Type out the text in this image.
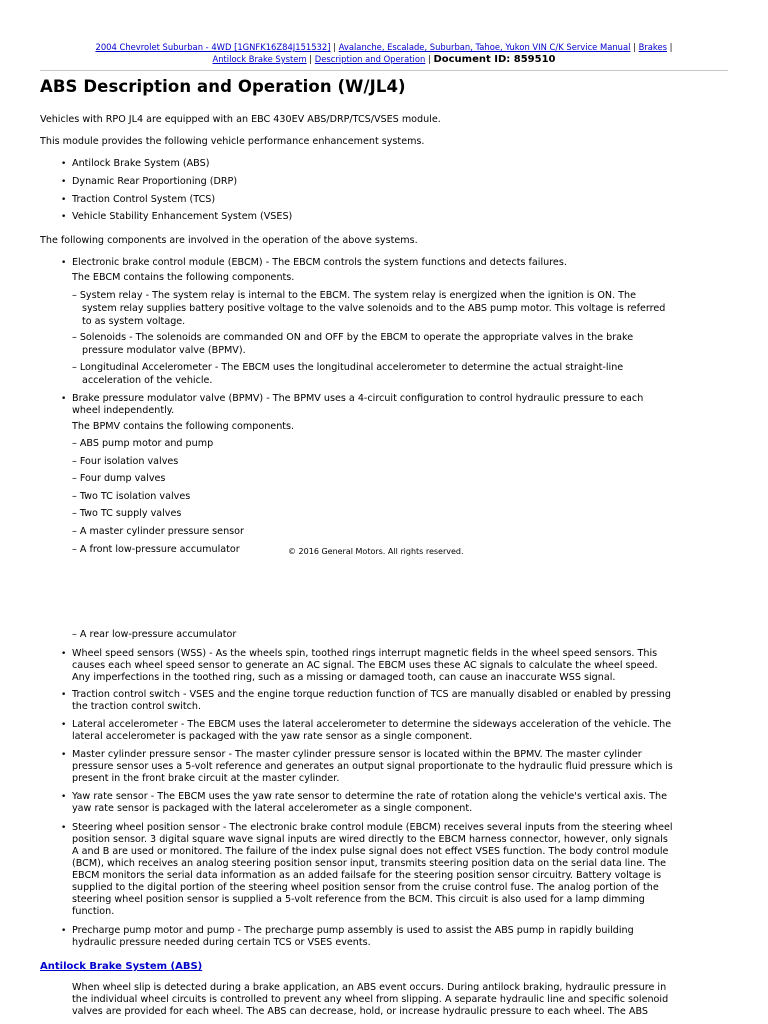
2004 Chevrolet Suburban - 4WD [1GNFK16Z84J151532] | Avalanche, Escalade, Suburban, Tahoe, Yukon VIN C/K Service Manual | Brakes |
Antilock Brake System | Description and Operation | Document ID: 859510
ABS Description and Operation (W/JL4)
Vehicles with RPO JL4 are equipped with an EBC 430EV ABS/DRP/TCS/VSES module.
This module provides the following vehicle performance enhancement systems.
• Antilock Brake System (ABS)
• Dynamic Rear Proportioning (DRP)
• Traction Control System (TCS)
• Vehicle Stability Enhancement System (VSES)
The following components are involved in the operation of the above systems.
• Electronic brake control module (EBCM) - The EBCM controls the system functions and detects failures.
The EBCM contains the following components.
– System relay - The system relay is internal to the EBCM. The system relay is energized when the ignition is ON. The
system relay supplies battery positive voltage to the valve solenoids and to the ABS pump motor. This voltage is referred
to as system voltage.
– Solenoids - The solenoids are commanded ON and OFF by the EBCM to operate the appropriate valves in the brake
pressure modulator valve (BPMV).
– Longitudinal Accelerometer - The EBCM uses the longitudinal accelerometer to determine the actual straight-line
acceleration of the vehicle.
• Brake pressure modulator valve (BPMV) - The BPMV uses a 4-circuit configuration to control hydraulic pressure to each
wheel independently.
The BPMV contains the following components.
– ABS pump motor and pump
– Four isolation valves
– Four dump valves
– Two TC isolation valves
– Two TC supply valves
– A master cylinder pressure sensor
– A front low-pressure accumulator	© 2016 General Motors. All rights reserved.
– A rear low-pressure accumulator
• Wheel speed sensors (WSS) - As the wheels spin, toothed rings interrupt magnetic fields in the wheel speed sensors. This
causes each wheel speed sensor to generate an AC signal. The EBCM uses these AC signals to calculate the wheel speed.
Any imperfections in the toothed ring, such as a missing or damaged tooth, can cause an inaccurate WSS signal.
• Traction control switch - VSES and the engine torque reduction function of TCS are manually disabled or enabled by pressing
the traction control switch.
• Lateral accelerometer - The EBCM uses the lateral accelerometer to determine the sideways acceleration of the vehicle. The
lateral accelerometer is packaged with the yaw rate sensor as a single component.
• Master cylinder pressure sensor - The master cylinder pressure sensor is located within the BPMV. The master cylinder
pressure sensor uses a 5-volt reference and generates an output signal proportionate to the hydraulic fluid pressure which is
present in the front brake circuit at the master cylinder.
• Yaw rate sensor - The EBCM uses the yaw rate sensor to determine the rate of rotation along the vehicle's vertical axis. The
yaw rate sensor is packaged with the lateral accelerometer as a single component.
• Steering wheel position sensor - The electronic brake control module (EBCM) receives several inputs from the steering wheel
position sensor. 3 digital square wave signal inputs are wired directly to the EBCM harness connector, however, only signals
A and B are used or monitored. The failure of the index pulse signal does not effect VSES function. The body control module
(BCM), which receives an analog steering position sensor input, transmits steering position data on the serial data line. The
EBCM monitors the serial data information as an added failsafe for the steering position sensor circuitry. Battery voltage is
supplied to the digital portion of the steering wheel position sensor from the cruise control fuse. The analog portion of the
steering wheel position sensor is supplied a 5-volt reference from the BCM. This circuit is also used for a lamp dimming
function.
• Precharge pump motor and pump - The precharge pump assembly is used to assist the ABS pump in rapidly building
hydraulic pressure needed during certain TCS or VSES events.
Antilock Brake System (ABS)
When wheel slip is detected during a brake application, an ABS event occurs. During antilock braking, hydraulic pressure in
the individual wheel circuits is controlled to prevent any wheel from slipping. A separate hydraulic line and specific solenoid
valves are provided for each wheel. The ABS can decrease, hold, or increase hydraulic pressure to each wheel. The ABS
